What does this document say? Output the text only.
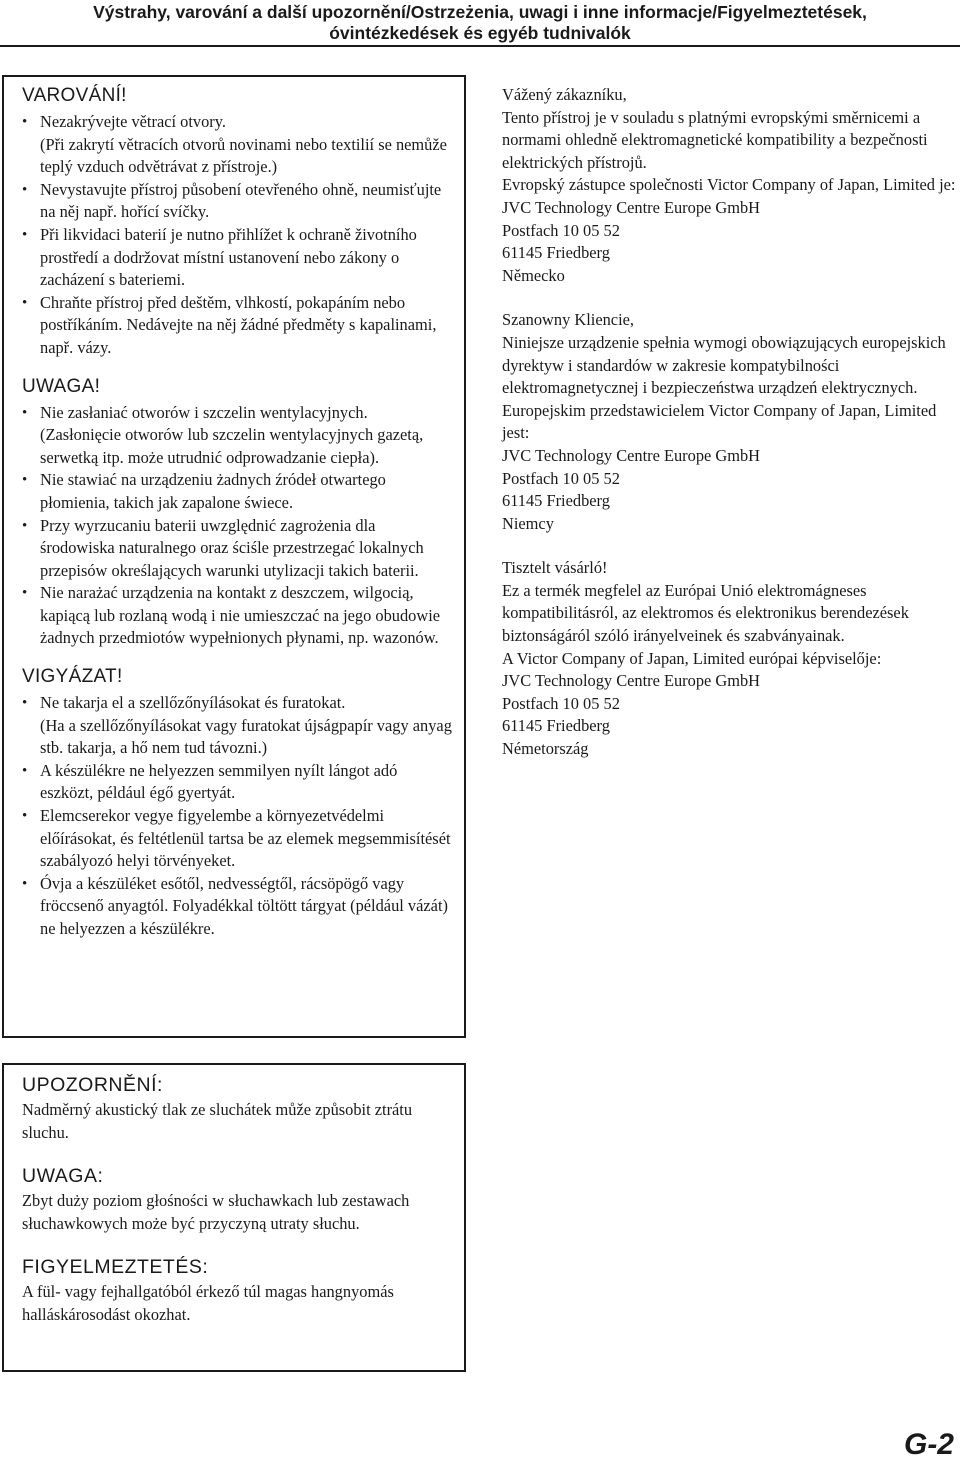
Výstrahy, varování a další upozornění/Ostrzeżenia, uwagi i inne informacje/Figyelmeztetések,
óvintézkedések és egyéb tudnivalók
VAROVÁNÍ!
• Nezakrývejte větrací otvory.
(Při zakrytí větracích otvorů novinami nebo textilií se nemůže teplý vzduch odvětrávat z přístroje.)
• Nevystavujte přístroj působení otevřeného ohně, neumisťujte na něj např. hořící svíčky.
• Při likvidaci baterií je nutno přihlížet k ochraně životního prostředí a dodržovat místní ustanovení nebo zákony o zacházení s bateriemi.
• Chraňte přístroj před deštěm, vlhkostí, pokapáním nebo postříkáním. Nedávejte na něj žádné předměty s kapalinami, např. vázy.
UWAGA!
• Nie zasłaniać otworów i szczelin wentylacyjnych.
(Zasłonięcie otworów lub szczelin wentylacyjnych gazetą, serwetką itp. może utrudnić odprowadzanie ciepła).
• Nie stawiać na urządzeniu żadnych źródeł otwartego płomienia, takich jak zapalone świece.
• Przy wyrzucaniu baterii uwzględnić zagrożenia dla środowiska naturalnego oraz ściśle przestrzegać lokalnych przepisów określających warunki utylizacji takich baterii.
• Nie narażać urządzenia na kontakt z deszczem, wilgocią, kapiącą lub rozlaną wodą i nie umieszczać na jego obudowie żadnych przedmiotów wypełnionych płynami, np. wazonów.
VIGYÁZAT!
• Ne takarja el a szellőzőnyílásokat és furatokat.
(Ha a szellőzőnyílásokat vagy furatokat újságpapír vagy anyag stb. takarja, a hő nem tud távozni.)
• A készülékre ne helyezzen semmilyen nyílt lángot adó eszközt, például égő gyertyát.
• Elemcserekor vegye figyelembe a környezetvédelmi előírásokat, és feltétlenül tartsa be az elemek megsemmisítését szabályozó helyi törvényeket.
• Óvja a készüléket esőtől, nedvességtől, rácsöpögő vagy fröccsenő anyagtól. Folyadékkal töltött tárgyat (például vázát) ne helyezzen a készülékre.
UPOZORNĚNÍ:

Nadměrný akustický tlak ze sluchátek může způsobit ztrátu sluchu.

UWAGA:

Zbyt duży poziom głośności w słuchawkach lub zestawach słuchawkowych może być przyczyną utraty słuchu.

FIGYELMEZTETÉS:

A fül- vagy fejhallgatóból érkező túl magas hangnyomás halláskárosodást okozhat.

Vážený zákazníku,
Tento přístroj je v souladu s platnými evropskými směrnicemi a normami ohledně elektromagnetické kompatibility a bezpečnosti elektrických přístrojů.
Evropský zástupce společnosti Victor Company of Japan, Limited je:
JVC Technology Centre Europe GmbH
Postfach 10 05 52
61145 Friedberg
Německo

Szanowny Kliencie,
Niniejsze urządzenie spełnia wymogi obowiązujących europejskich dyrektyw i standardów w zakresie kompatybilności elektromagnetycznej i bezpieczeństwa urządzeń elektrycznych.
Europejskim przedstawicielem Victor Company of Japan, Limited jest:
JVC Technology Centre Europe GmbH
Postfach 10 05 52
61145 Friedberg
Niemcy

Tisztelt vásárló!
Ez a termék megfelel az Európai Unió elektromágneses kompatibilitásról, az elektromos és elektronikus berendezések biztonságáról szóló irányelveinek és szabványainak.
A Victor Company of Japan, Limited európai képviselője:
JVC Technology Centre Europe GmbH
Postfach 10 05 52
61145 Friedberg
Németország

G-2
